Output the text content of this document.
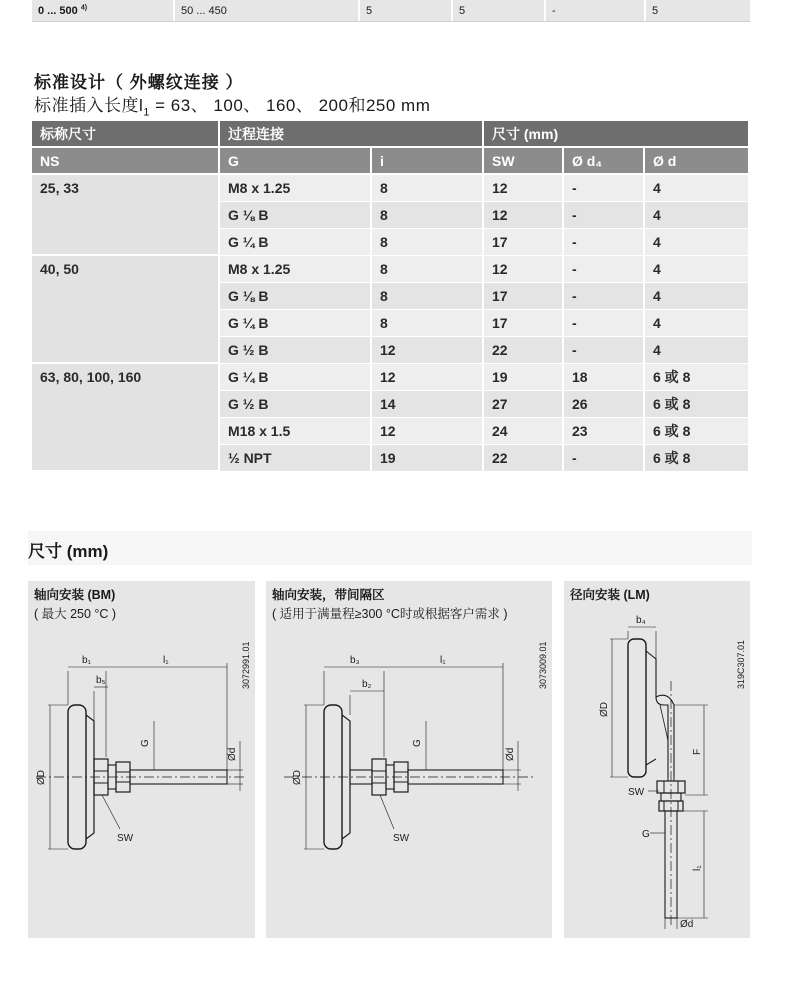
0 ... 500 $^{4)}$	50 ... 450	5	5	-	5
标准设计（ 外螺纹连接 ）
标准插入长度$l_1 = 63$、 100、 160、 200和250 mm
标称尺寸	过程连接		尺寸 (mm)		
NS	G	i	SW	Ø d₄	Ø d
25, 33	M8 x 1.25	8	12	-	4
	G ⅛ B	8	12	-	4
	G ¼ B	8	17	-	4
40, 50	M8 x 1.25	8	12	-	4
	G ⅛ B	8	17	-	4
	G ¼ B	8	17	-	4
	G ½ B	12	22	-	4
63, 80, 100, 160	G ¼ B	12	19	18	6 或 8
	G ½ B	14	27	26	6 或 8
	M18 x 1.5	12	24	23	6 或 8
	½ NPT	19	22	-	6 或 8
尺寸 (mm)
轴向安装 (BM)
( 最大 250 °C )
3072991.01
b₁	l₁
b₅
G
Ød
ØD
SW
轴向安装，带间隔区
( 适用于满量程≥300 °C时或根据客户需求 )
3073009.01
b₃	l₁
b₂
G
Ød
ØD
SW
径向安装 (LM)
319C307.01
b₄
ØD
F
SW
G
l₁
Ød
